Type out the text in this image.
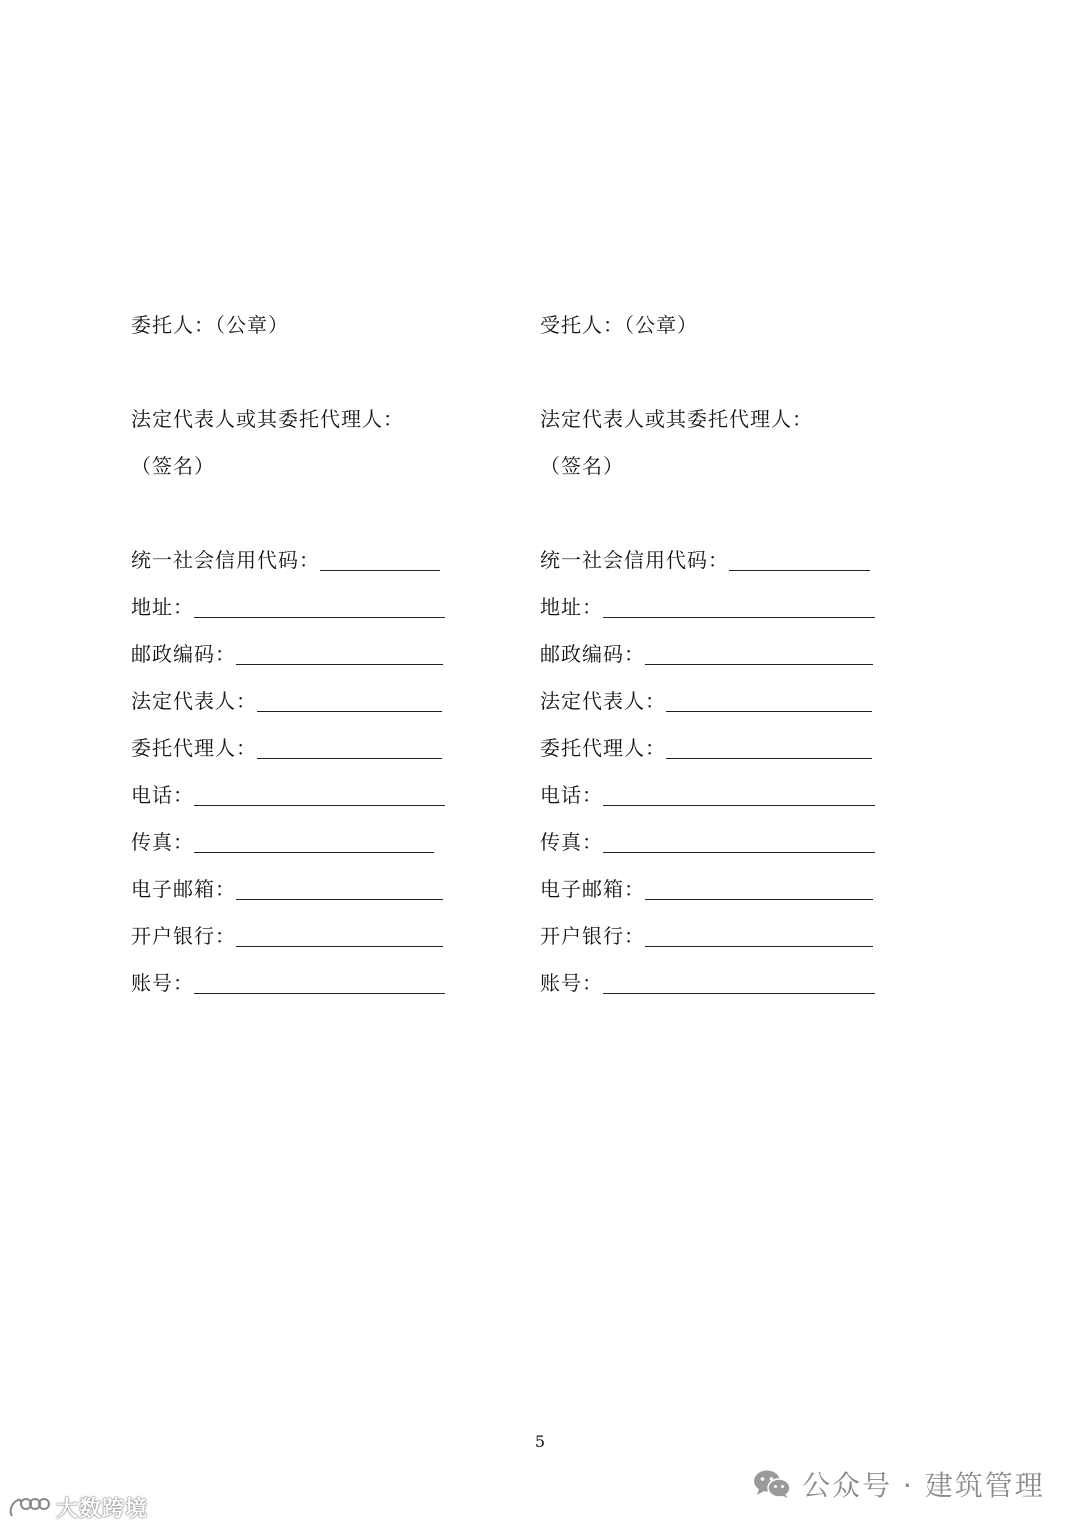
委托人：（公章）
法定代表人或其委托代理人：
（签名）
统一社会信用代码：
地址：
邮政编码：
法定代表人：
委托代理人：
电话：
传真：
电子邮箱：
开户银行：
账号：
受托人：（公章）
法定代表人或其委托代理人：
（签名）
统一社会信用代码：
地址：
邮政编码：
法定代表人：
委托代理人：
电话：
传真：
电子邮箱：
开户银行：
账号：
5
公众号 · 建筑管理
大数跨境
